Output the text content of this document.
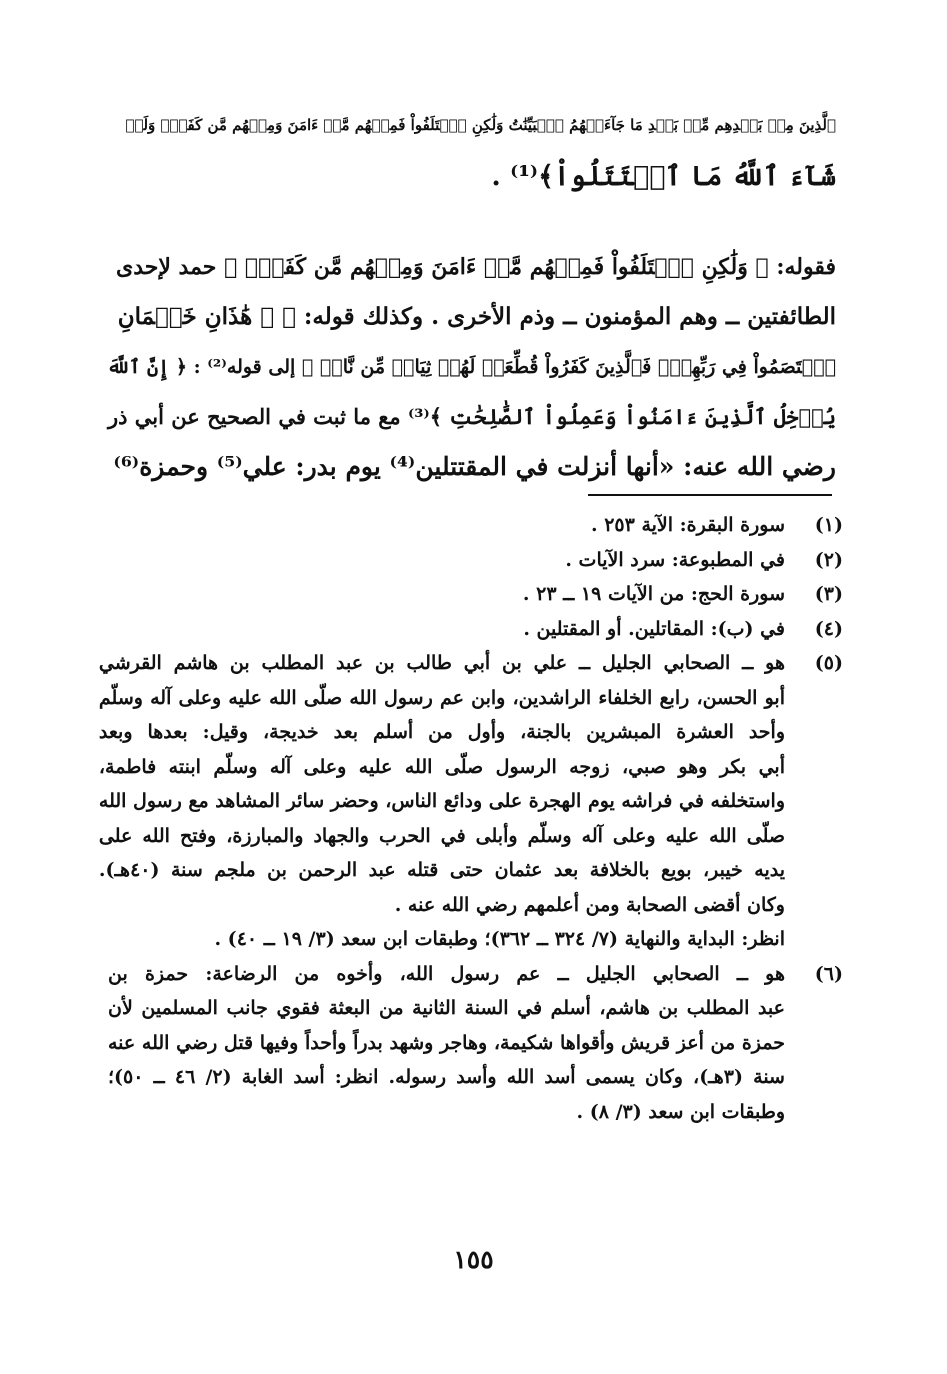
ٱلَّذِينَ مِنۢ بَعۡدِهِم مِّنۢ بَعۡدِ مَا جَآءَتۡهُمُ ٱلۡبَيِّنَٰتُ وَلَٰكِنِ ٱخۡتَلَفُواْ فَمِنۡهُم مَّنۡ ءَامَنَ وَمِنۡهُم مَّن كَفَرَۚ وَلَوۡ
شَآءَ ٱللَّهُ مَا ٱقۡتَتَلُواْ﴾⁽¹⁾ .
فقوله: ﴿ وَلَٰكِنِ ٱخۡتَلَفُواْ فَمِنۡهُم مَّنۡ ءَامَنَ وَمِنۡهُم مَّن كَفَرَۚ ﴾ حمد لإحدى
الطائفتين ــ وهم المؤمنون ــ وذم الأخرى . وكذلك قوله: ﴿ ۞ هَٰذَانِ خَصۡمَانِ
ٱخۡتَصَمُواْ فِي رَبِّهِمۡۖ فَٱلَّذِينَ كَفَرُواْ قُطِّعَتۡ لَهُمۡ ثِيَابٞ مِّن نَّارٖ ﴾ إلى قوله⁽²⁾ : ﴿ إِنَّ ٱللَّهَ
يُدۡخِلُ ٱلَّذِينَ ءَامَنُواْ وَعَمِلُواْ ٱلصَّٰلِحَٰتِ ﴾⁽³⁾ مع ما ثبت في الصحيح عن أبي ذر
رضي الله عنه: «أنها أنزلت في المقتتلين⁽⁴⁾ يوم بدر: علي⁽⁵⁾ وحمزة⁽⁶⁾
(١)
سورة البقرة: الآية ٢٥٣ .
(٢)
في المطبوعة: سرد الآيات .
(٣)
سورة الحج: من الآيات ١٩ ــ ٢٣ .
(٤)
في (ب): المقاتلين. أو المقتلين .
(٥)
هو ــ الصحابي الجليل ــ علي بن أبي طالب بن عبد المطلب بن هاشم القرشي
أبو الحسن، رابع الخلفاء الراشدين، وابن عم رسول الله صلّى الله عليه وعلى آله وسلّم
وأحد العشرة المبشرين بالجنة، وأول من أسلم بعد خديجة، وقيل: بعدها وبعد
أبي بكر وهو صبي، زوجه الرسول صلّى الله عليه وعلى آله وسلّم ابنته فاطمة،
واستخلفه في فراشه يوم الهجرة على ودائع الناس، وحضر سائر المشاهد مع رسول الله
صلّى الله عليه وعلى آله وسلّم وأبلى في الحرب والجهاد والمبارزة، وفتح الله على
يديه خيبر، بويع بالخلافة بعد عثمان حتى قتله عبد الرحمن بن ملجم سنة (٤٠هـ).
وكان أقضى الصحابة ومن أعلمهم رضي الله عنه .
انظر: البداية والنهاية (٧/ ٣٢٤ ــ ٣٦٢)؛ وطبقات ابن سعد (٣/ ١٩ ــ ٤٠) .
(٦)
هو ــ الصحابي الجليل ــ عم رسول الله، وأخوه من الرضاعة: حمزة بن
عبد المطلب بن هاشم، أسلم في السنة الثانية من البعثة فقوي جانب المسلمين لأن
حمزة من أعز قريش وأقواها شكيمة، وهاجر وشهد بدراً وأحداً وفيها قتل رضي الله عنه
سنة (٣هـ)، وكان يسمى أسد الله وأسد رسوله. انظر: أسد الغابة (٢/ ٤٦ ــ ٥٠)؛
وطبقات ابن سعد (٣/ ٨) .
١٥٥
